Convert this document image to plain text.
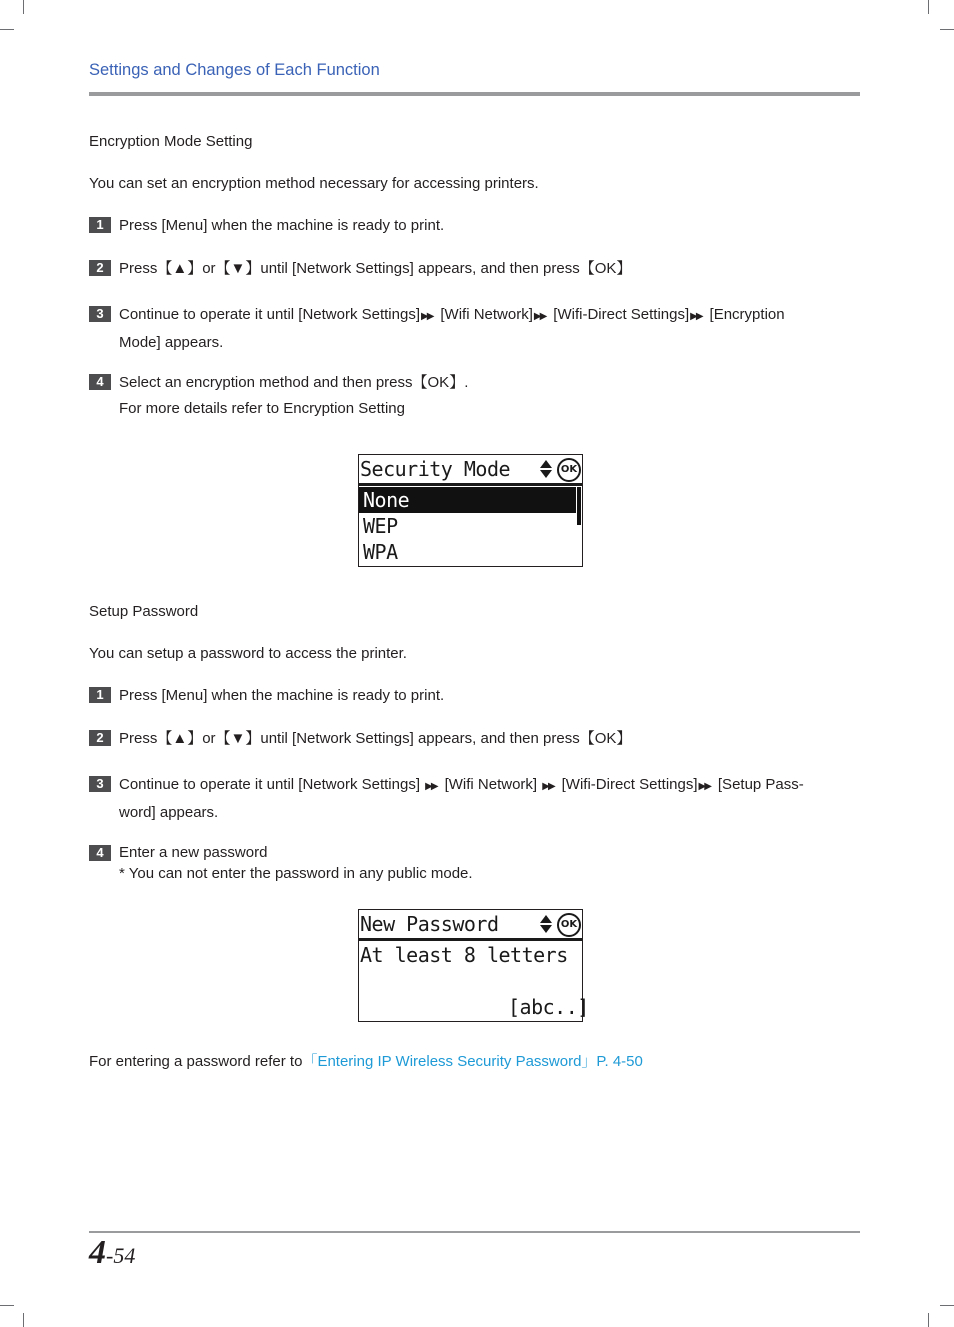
Settings and Changes of Each Function
Encryption Mode Setting
You can set an encryption method necessary for accessing printers.
1	Press [Menu] when the machine is ready to print.
2	Press【▲】or【▼】until [Network Settings] appears, and then press【OK】
3	Continue to operate it until [Network Settings]▶▶ [Wifi Network]▶▶ [Wifi-Direct Settings]▶▶ [Encryption
Mode] appears.
4	Select an encryption method and then press【OK】.
For more details refer to Encryption Setting
Security Mode	OK
None
WEP
WPA
Setup Password
You can setup a password to access the printer.
1	Press [Menu] when the machine is ready to print.
2	Press【▲】or【▼】until [Network Settings] appears, and then press【OK】
3	Continue to operate it until [Network Settings] ▶▶ [Wifi Network] ▶▶ [Wifi-Direct Settings]▶▶ [Setup Pass-
word] appears.
4	Enter a new password
* You can not enter the password in any public mode.
New Password	OK
At least 8 letters
[abc..]
For entering a password refer to「Entering IP Wireless Security Password」P. 4-50
4-54
